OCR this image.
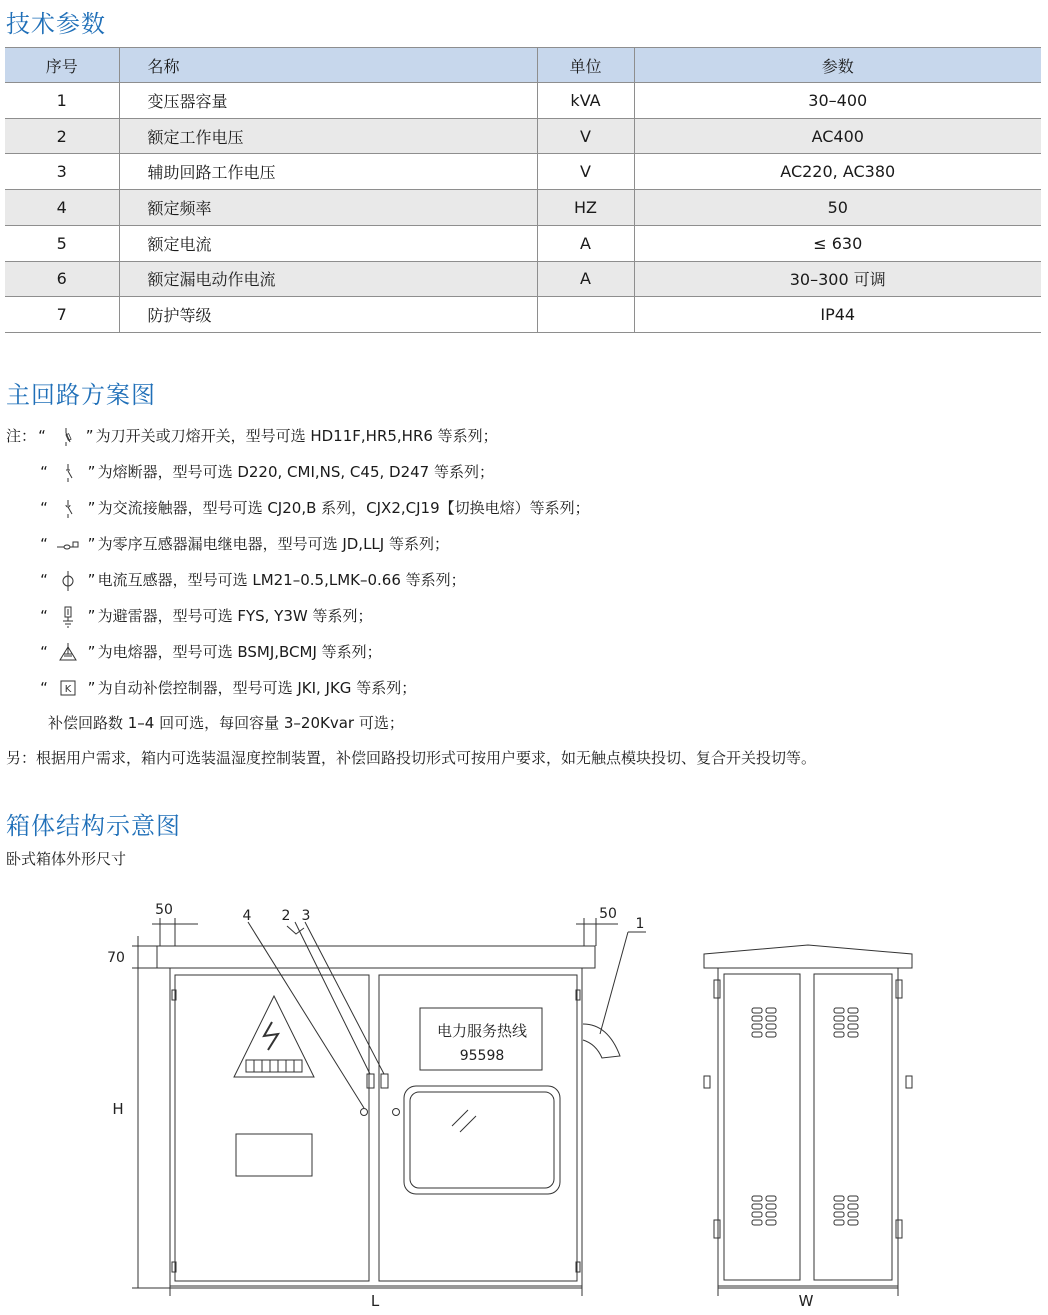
技术参数
序号	名称	单位	参数
1	变压器容量	kVA	30–400
2	额定工作电压	V	AC400
3	辅助回路工作电压	V	AC220, AC380
4	额定频率	HZ	50
5	额定电流	A	≤ 630
6	额定漏电动作电流	A	30–300 可调
7	防护等级		IP44
主回路方案图
注： “	” 为刀开关或刀熔开关，型号可选 HD11F,HR5,HR6 等系列；
“	” 为熔断器，型号可选 D220, CMI,NS, C45, D247 等系列；
“	” 为交流接触器，型号可选 CJ20,B 系列，CJX2,CJ19【切换电熔）等系列；
“	” 为零序互感器漏电继电器，型号可选 JD,LLJ 等系列；
“	” 电流互感器，型号可选 LM21–0.5,LMK–0.66 等系列；
“	” 为避雷器，型号可选 FYS, Y3W 等系列；
“	” 为电熔器，型号可选 BSMJ,BCMJ 等系列；
“ K ” 为自动补偿控制器，型号可选 JKI, JKG 等系列；
补偿回路数 1–4 回可选，每回容量 3–20Kvar 可选；
另：根据用户需求，箱内可选装温湿度控制装置，补偿回路投切形式可按用户要求，如无触点模块投切、复合开关投切等。
箱体结构示意图

卧式箱体外形尺寸

50	50
70
H
L	W
4 2 3	1
电力服务热线
95598
